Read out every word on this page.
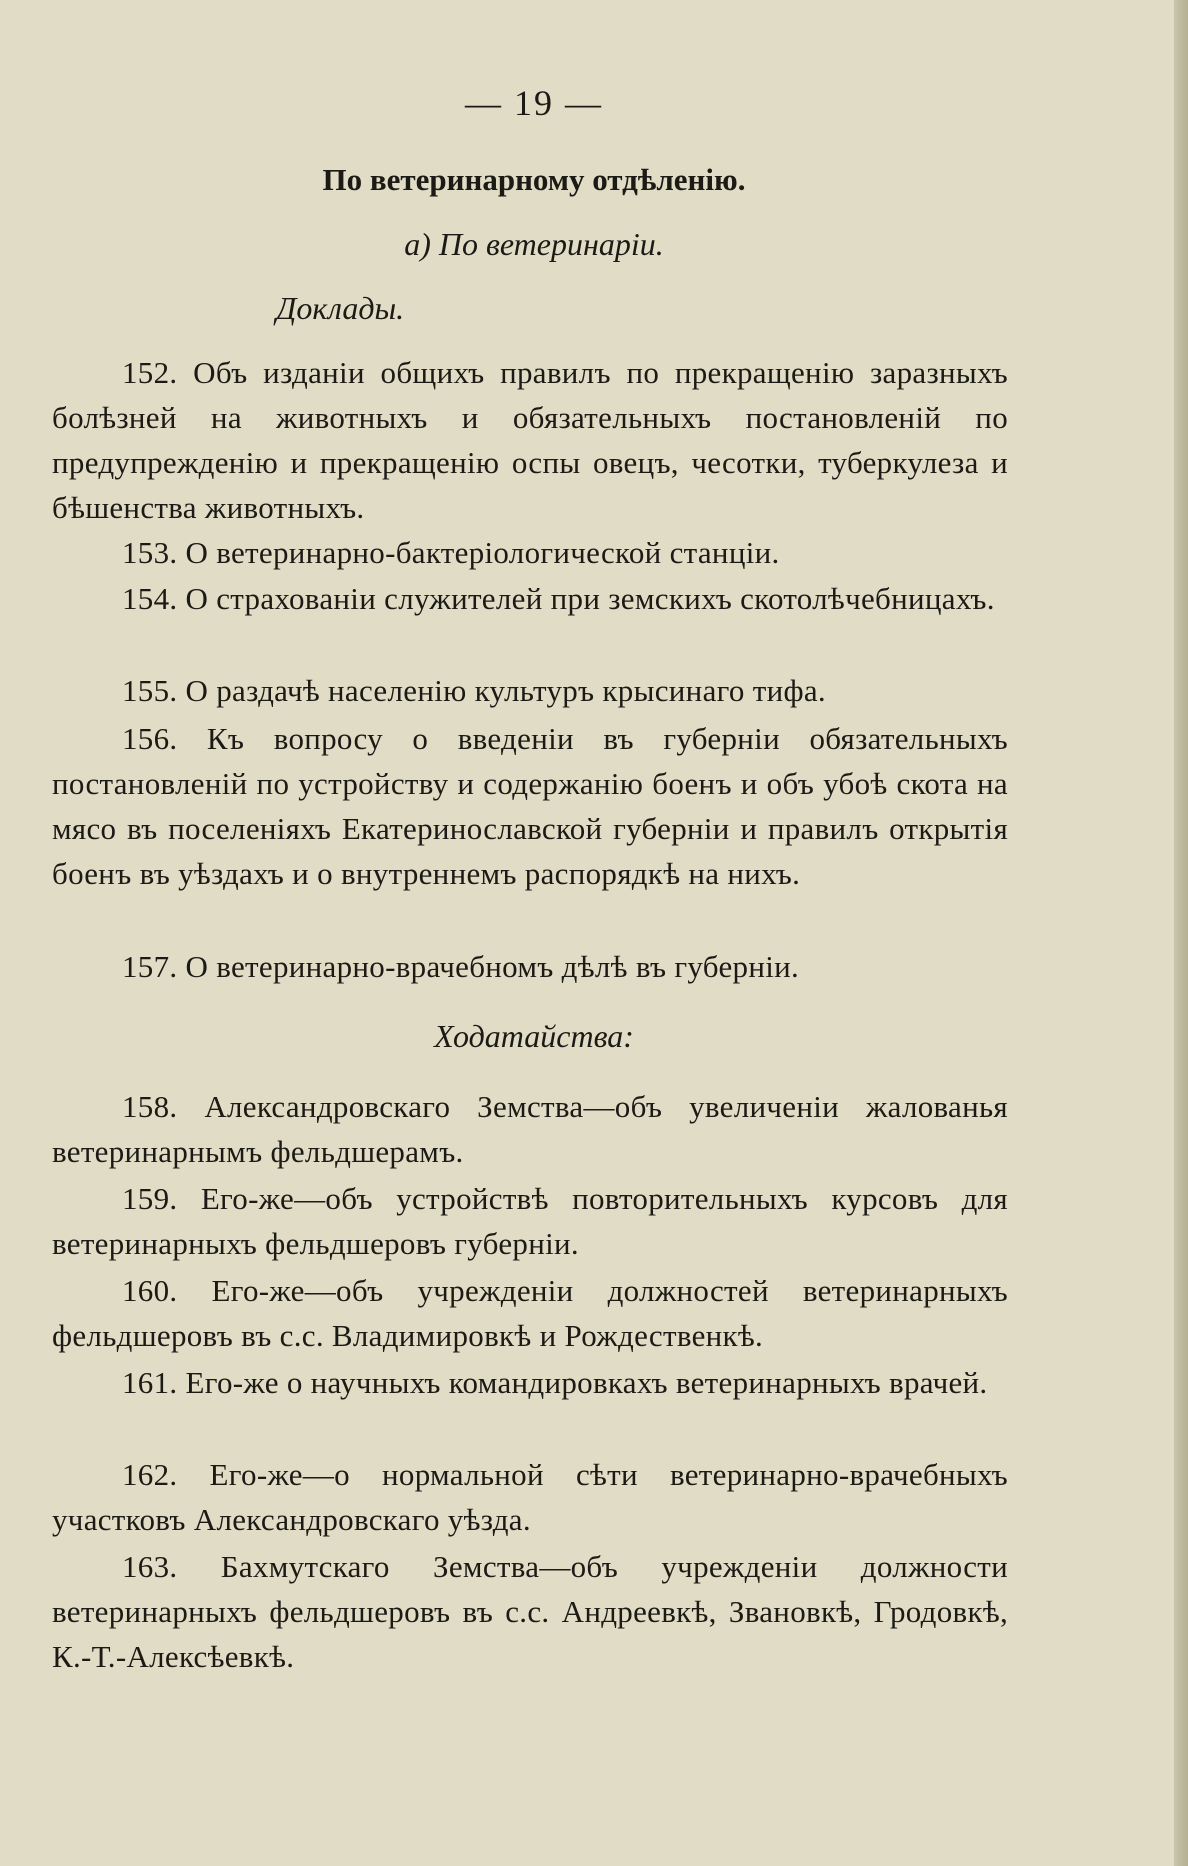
— 19 —
По ветеринарному отдѣленію.
а) По ветеринаріи.
Доклады.
152. Объ изданіи общихъ правилъ по прекращенію заразныхъ болѣзней на животныхъ и обязательныхъ постановленій по предупрежденію и прекращенію оспы овецъ, чесотки, туберкулеза и бѣшенства животныхъ.
153. О ветеринарно-бактеріологической станціи.
154. О страхованіи служителей при земскихъ скотолѣчебницахъ.
155. О раздачѣ населенію культуръ крысинаго тифа.
156. Къ вопросу о введеніи въ губерніи обязательныхъ постановленій по устройству и содержанію боенъ и объ убоѣ скота на мясо въ поселеніяхъ Екатеринославской губерніи и правилъ открытія боенъ въ уѣздахъ и о внутреннемъ распорядкѣ на нихъ.
157. О ветеринарно-врачебномъ дѣлѣ въ губерніи.
Ходатайства:
158. Александровскаго Земства—объ увеличеніи жалованья ветеринарнымъ фельдшерамъ.
159. Его-же—объ устройствѣ повторительныхъ курсовъ для ветеринарныхъ фельдшеровъ губерніи.
160. Его-же—объ учрежденіи должностей ветеринарныхъ фельдшеровъ въ с.с. Владимировкѣ и Рождественкѣ.
161. Его-же о научныхъ командировкахъ ветеринарныхъ врачей.
162. Его-же—о нормальной сѣти ветеринарно-врачебныхъ участковъ Александровскаго уѣзда.
163. Бахмутскаго Земства—объ учрежденіи должности ветеринарныхъ фельдшеровъ въ с.с. Андреевкѣ, Звановкѣ, Гродовкѣ, К.-Т.-Алексѣевкѣ.
